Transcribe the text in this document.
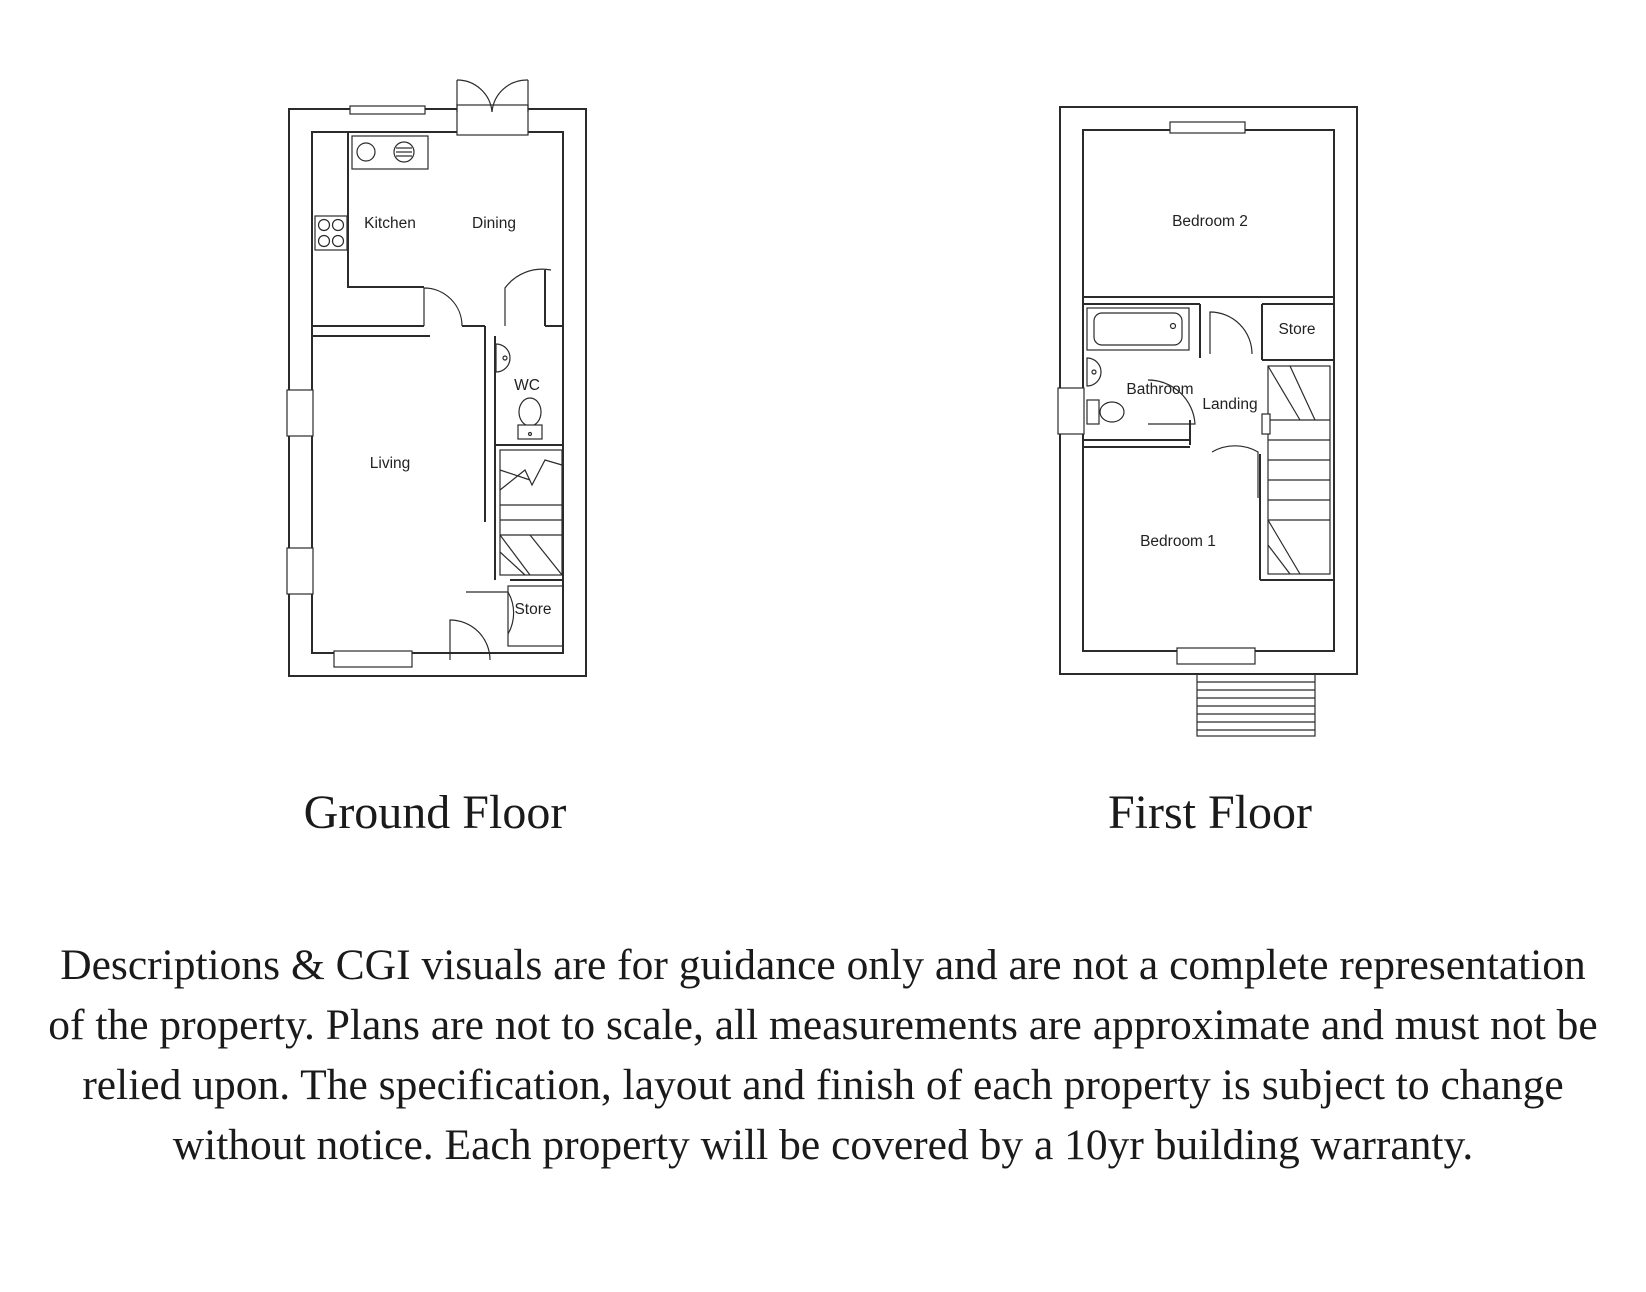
Kitchen	Dining
WC
Living
Store
Bedroom 2
Store
Bathroom
Landing
Bedroom 1
Ground Floor	First Floor
Descriptions & CGI visuals are for guidance only and are not a complete representation of the property. Plans are not to scale, all measurements are approximate and must not be relied upon. The specification, layout and finish of each property is subject to change without notice. Each property will be covered by a 10yr building warranty.
